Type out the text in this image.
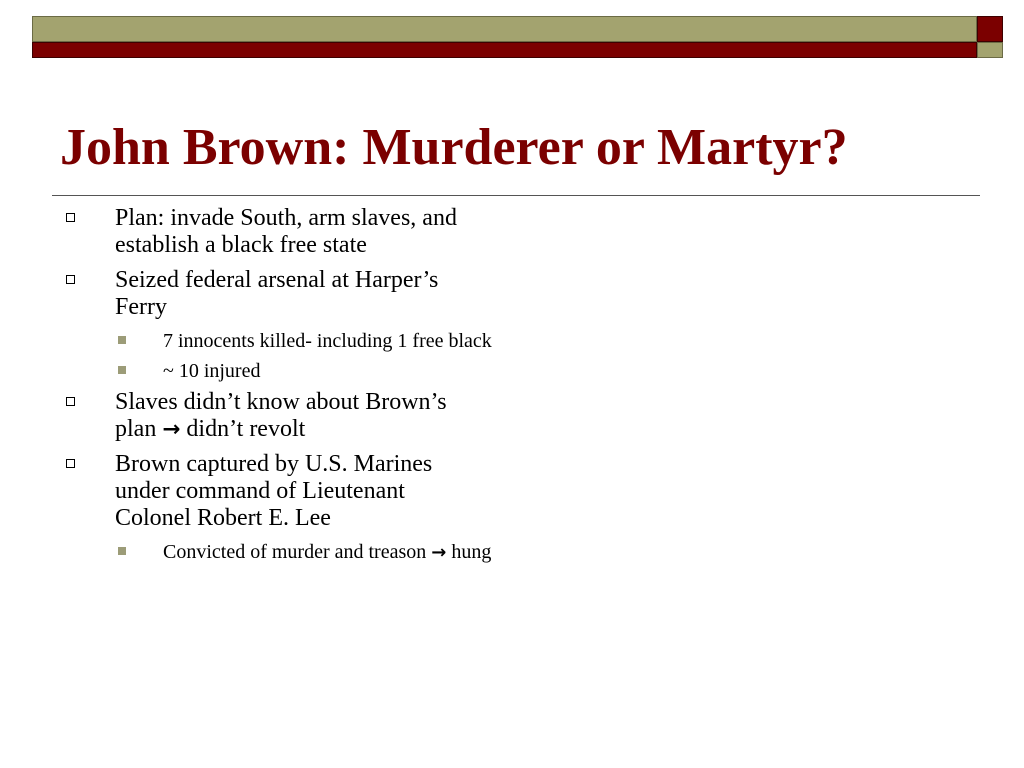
John Brown: Murderer or Martyr?
Plan: invade South, arm slaves, and establish a black free state
Seized federal arsenal at Harper’s Ferry
7 innocents killed- including 1 free black
~ 10 injured
Slaves didn’t know about Brown’s plan → didn’t revolt
Brown captured by U.S. Marines under command of Lieutenant Colonel Robert E. Lee
Convicted of murder and treason → hung
